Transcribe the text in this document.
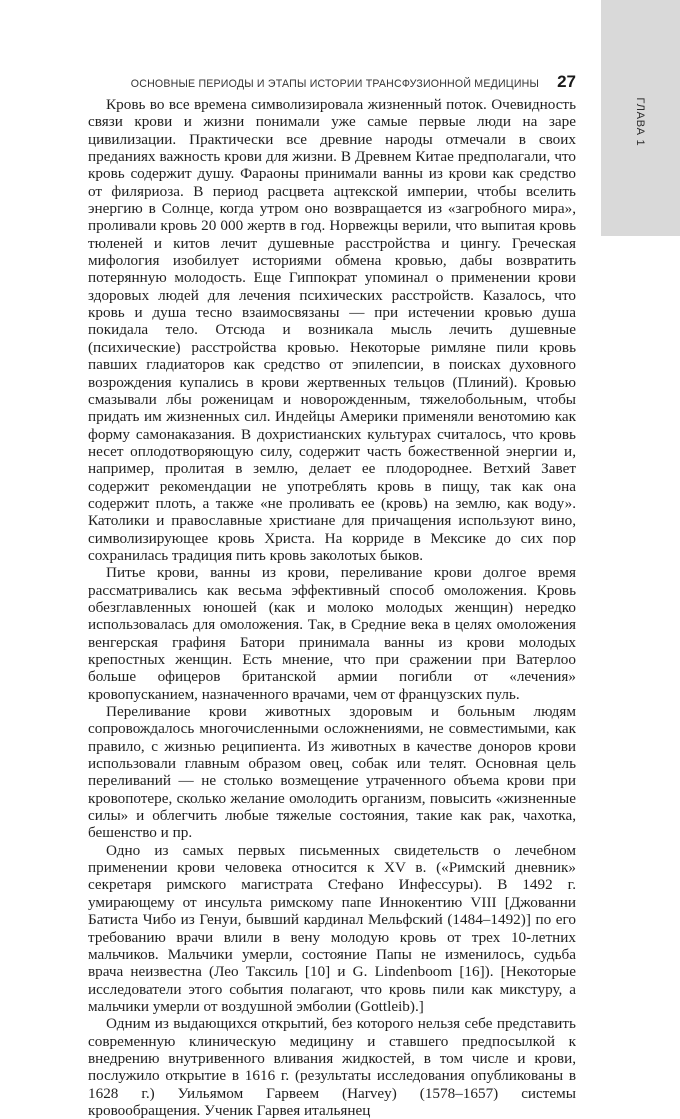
ГЛАВА 1
ОСНОВНЫЕ ПЕРИОДЫ И ЭТАПЫ ИСТОРИИ ТРАНСФУЗИОННОЙ МЕДИЦИНЫ 27

Кровь во все времена символизировала жизненный поток. Очевидность связи крови и жизни понимали уже самые первые люди на заре цивилизации. Практически все древние народы отмечали в своих преданиях важность крови для жизни. В Древнем Китае предполагали, что кровь содержит душу. Фараоны принимали ванны из крови как средство от филяриоза. В период расцвета ацтекской империи, чтобы вселить энергию в Солнце, когда утром оно возвращается из «загробного мира», проливали кровь 20 000 жертв в год. Норвежцы верили, что выпитая кровь тюленей и китов лечит душевные расстройства и цингу. Греческая мифология изобилует историями обмена кровью, дабы возвратить потерянную молодость. Еще Гиппократ упоминал о применении крови здоровых людей для лечения психических расстройств. Казалось, что кровь и душа тесно взаимосвязаны — при истечении кровью душа покидала тело. Отсюда и возникала мысль лечить душевные (психические) расстройства кровью. Некоторые римляне пили кровь павших гладиаторов как средство от эпилепсии, в поисках духовного возрождения купались в крови жертвенных тельцов (Плиний). Кровью смазывали лбы роженицам и новорожденным, тяжелобольным, чтобы придать им жизненных сил. Индейцы Америки применяли венотомию как форму самонаказания. В дохристианских культурах считалось, что кровь несет оплодотворяющую силу, содержит часть божественной энергии и, например, пролитая в землю, делает ее плодороднее. Ветхий Завет содержит рекомендации не употреблять кровь в пищу, так как она содержит плоть, а также «не проливать ее (кровь) на землю, как воду». Католики и православные христиане для причащения используют вино, символизирующее кровь Христа. На корриде в Мексике до сих пор сохранилась традиция пить кровь заколотых быков.

Питье крови, ванны из крови, переливание крови долгое время рассматривались как весьма эффективный способ омоложения. Кровь обезглавленных юношей (как и молоко молодых женщин) нередко использовалась для омоложения. Так, в Средние века в целях омоложения венгерская графиня Батори принимала ванны из крови молодых крепостных женщин. Есть мнение, что при сражении при Ватерлоо больше офицеров британской армии погибли от «лечения» кровопусканием, назначенного врачами, чем от французских пуль.

Переливание крови животных здоровым и больным людям сопровождалось многочисленными осложнениями, не совместимыми, как правило, с жизнью реципиента. Из животных в качестве доноров крови использовали главным образом овец, собак или телят. Основная цель переливаний — не столько возмещение утраченного объема крови при кровопотере, сколько желание омолодить организм, повысить «жизненные силы» и облегчить любые тяжелые состояния, такие как рак, чахотка, бешенство и пр.

Одно из самых первых письменных свидетельств о лечебном применении крови человека относится к XV в. («Римский дневник» секретаря римского магистрата Стефано Инфессуры). В 1492 г. умирающему от инсульта римскому папе Иннокентию VIII [Джованни Батиста Чибо из Генуи, бывший кардинал Мельфский (1484–1492)] по его требованию врачи влили в вену молодую кровь от трех 10-летних мальчиков. Мальчики умерли, состояние Папы не изменилось, судьба врача неизвестна (Лео Таксиль [10] и G. Lindenboom [16]). [Некоторые исследователи этого события полагают, что кровь пили как микстуру, а мальчики умерли от воздушной эмболии (Gottleib).]

Одним из выдающихся открытий, без которого нельзя себе представить современную клиническую медицину и ставшего предпосылкой к внедрению внутривенного вливания жидкостей, в том числе и крови, послужило открытие в 1616 г. (результаты исследования опубликованы в 1628 г.) Уильямом Гарвеем (Harvey) (1578–1657) системы кровообращения. Ученик Гарвея итальянец
